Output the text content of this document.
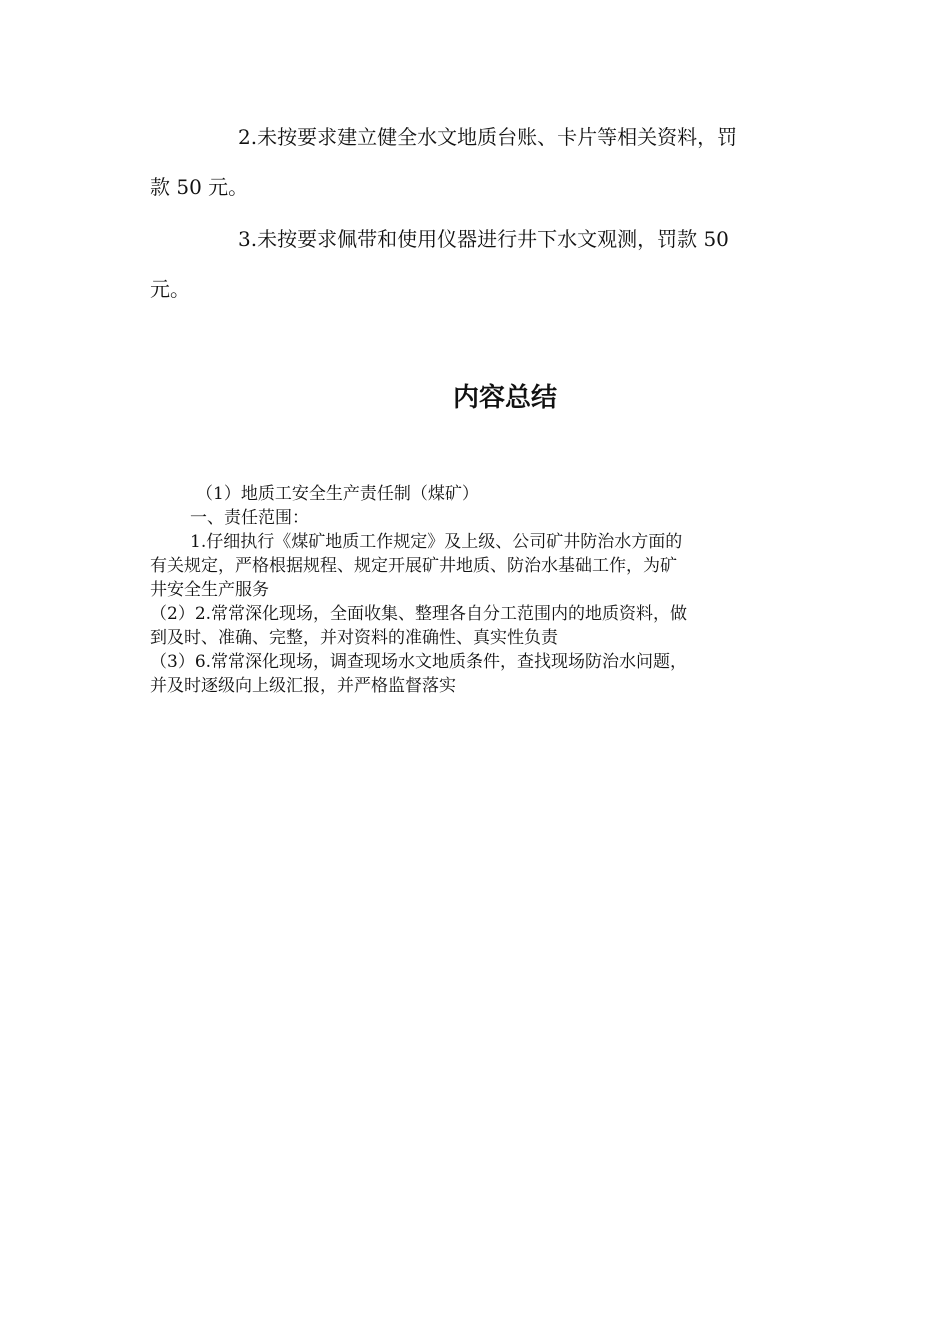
2.未按要求建立健全水文地质台账、卡片等相关资料，罚
款 50 元。

3.未按要求佩带和使用仪器进行井下水文观测，罚款 50
元。

内容总结

（1）地质工安全生产责任制（煤矿）

一、责任范围：

1.仔细执行《煤矿地质工作规定》及上级、公司矿井防治水方面的

有关规定，严格根据规程、规定开展矿井地质、防治水基础工作，为矿

井安全生产服务

（2）2.常常深化现场，全面收集、整理各自分工范围内的地质资料，做

到及时、准确、完整，并对资料的准确性、真实性负责

（3）6.常常深化现场，调查现场水文地质条件，查找现场防治水问题，

并及时逐级向上级汇报，并严格监督落实
